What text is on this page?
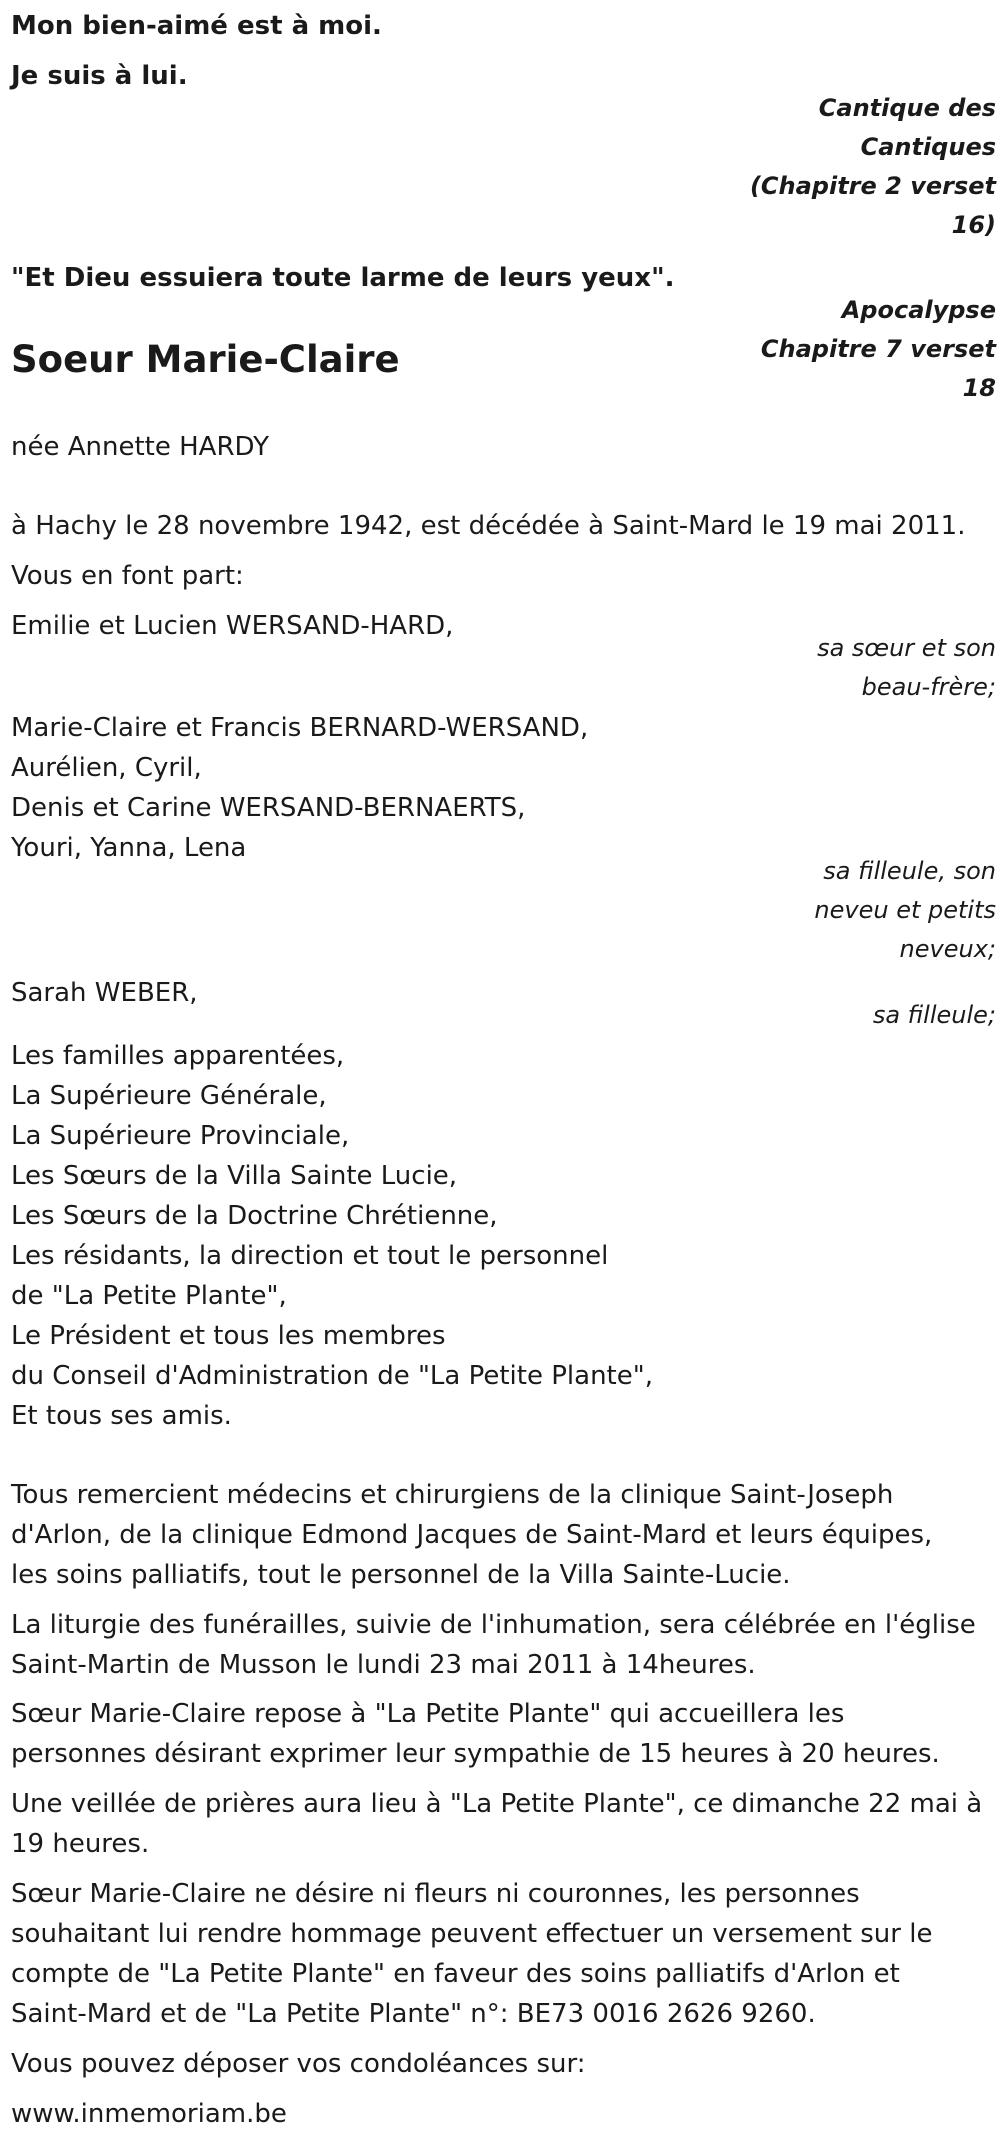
Mon bien-aimé est à moi.
Je suis à lui.
Cantique des
Cantiques
(Chapitre 2 verset
16)
"Et Dieu essuiera toute larme de leurs yeux".
Apocalypse
Chapitre 7 verset
18
Soeur Marie-Claire
née Annette HARDY
à Hachy le 28 novembre 1942, est décédée à Saint-Mard le 19 mai 2011.
Vous en font part:
Emilie et Lucien WERSAND-HARD,
sa sœur et son
beau-frère;
Marie-Claire et Francis BERNARD-WERSAND,
Aurélien, Cyril,
Denis et Carine WERSAND-BERNAERTS,
Youri, Yanna, Lena
sa filleule, son
neveu et petits
neveux;
Sarah WEBER,
sa filleule;
Les familles apparentées,
La Supérieure Générale,
La Supérieure Provinciale,
Les Sœurs de la Villa Sainte Lucie,
Les Sœurs de la Doctrine Chrétienne,
Les résidants, la direction et tout le personnel
de "La Petite Plante",
Le Président et tous les membres
du Conseil d'Administration de "La Petite Plante",
Et tous ses amis.
Tous remercient médecins et chirurgiens de la clinique Saint-Joseph
d'Arlon, de la clinique Edmond Jacques de Saint-Mard et leurs équipes,
les soins palliatifs, tout le personnel de la Villa Sainte-Lucie.
La liturgie des funérailles, suivie de l'inhumation, sera célébrée en l'église
Saint-Martin de Musson le lundi 23 mai 2011 à 14heures.
Sœur Marie-Claire repose à "La Petite Plante" qui accueillera les
personnes désirant exprimer leur sympathie de 15 heures à 20 heures.
Une veillée de prières aura lieu à "La Petite Plante", ce dimanche 22 mai à
19 heures.
Sœur Marie-Claire ne désire ni fleurs ni couronnes, les personnes
souhaitant lui rendre hommage peuvent effectuer un versement sur le
compte de "La Petite Plante" en faveur des soins palliatifs d'Arlon et
Saint-Mard et de "La Petite Plante" n°: BE73 0016 2626 9260.
Vous pouvez déposer vos condoléances sur:
www.inmemoriam.be
